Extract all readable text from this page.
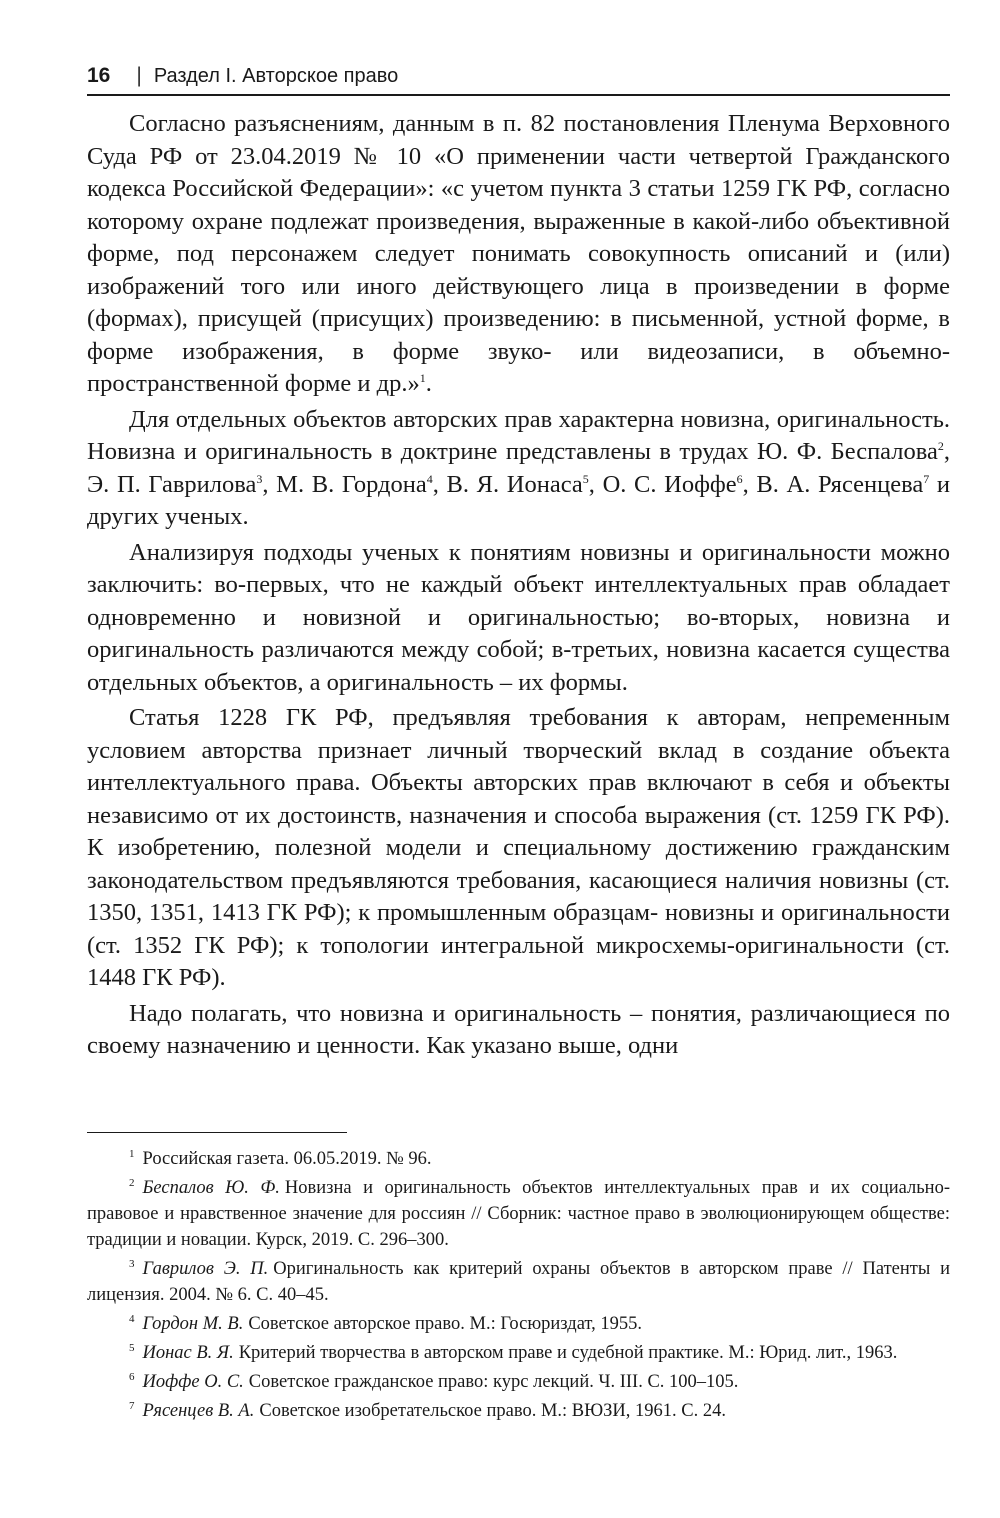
16 | Раздел I. Авторское право

Согласно разъяснениям, данным в п. 82 постановления Пленума Верховного Суда РФ от 23.04.2019 № 10 «О применении части четвертой Гражданского кодекса Российской Федерации»: «с учетом пункта 3 статьи 1259 ГК РФ, согласно которому охране подлежат произведения, выраженные в какой-либо объективной форме, под персонажем следует понимать совокупность описаний и (или) изображений того или иного действующего лица в произведении в форме (формах), присущей (присущих) произведению: в письменной, устной форме, в форме изображения, в форме звуко- или видеозаписи, в объемно-пространственной форме и др.»$^1$.

Для отдельных объектов авторских прав характерна новизна, оригинальность. Новизна и оригинальность в доктрине представлены в трудах Ю. Ф. Беспалова$^2$, Э. П. Гаврилова$^3$, М. В. Гордона$^4$, В. Я. Ионаса$^5$, О. С. Иоффе$^6$, В. А. Рясенцева$^7$ и других ученых.

Анализируя подходы ученых к понятиям новизны и оригинальности можно заключить: во-первых, что не каждый объект интеллектуальных прав обладает одновременно и новизной и оригинальностью; во-вторых, новизна и оригинальность различаются между собой; в-третьих, новизна касается существа отдельных объектов, а оригинальность – их формы.

Статья 1228 ГК РФ, предъявляя требования к авторам, непременным условием авторства признает личный творческий вклад в создание объекта интеллектуального права. Объекты авторских прав включают в себя и объекты независимо от их достоинств, назначения и способа выражения (ст. 1259 ГК РФ). К изобретению, полезной модели и специальному достижению гражданским законодательством предъявляются требования, касающиеся наличия новизны (ст. 1350, 1351, 1413 ГК РФ); к промышленным образцам- новизны и оригинальности (ст. 1352 ГК РФ); к топологии интегральной микросхемы-оригинальности (ст. 1448 ГК РФ).

Надо полагать, что новизна и оригинальность – понятия, различающиеся по своему назначению и ценности. Как указано выше, одни

$^1$ Российская газета. 06.05.2019. № 96.

$^2$ Беспалов Ю. Ф. Новизна и оригинальность объектов интеллектуальных прав и их социально-правовое и нравственное значение для россиян // Сборник: частное право в эволюционирующем обществе: традиции и новации. Курск, 2019. С. 296–300.

$^3$ Гаврилов Э. П. Оригинальность как критерий охраны объектов в авторском праве // Патенты и лицензия. 2004. № 6. С. 40–45.

$^4$ Гордон М. В. Советское авторское право. М.: Госюриздат, 1955.

$^5$ Ионас В. Я. Критерий творчества в авторском праве и судебной практике. М.: Юрид. лит., 1963.

$^6$ Иоффе О. С. Советское гражданское право: курс лекций. Ч. III. С. 100–105.

$^7$ Рясенцев В. А. Советское изобретательское право. М.: ВЮЗИ, 1961. С. 24.
